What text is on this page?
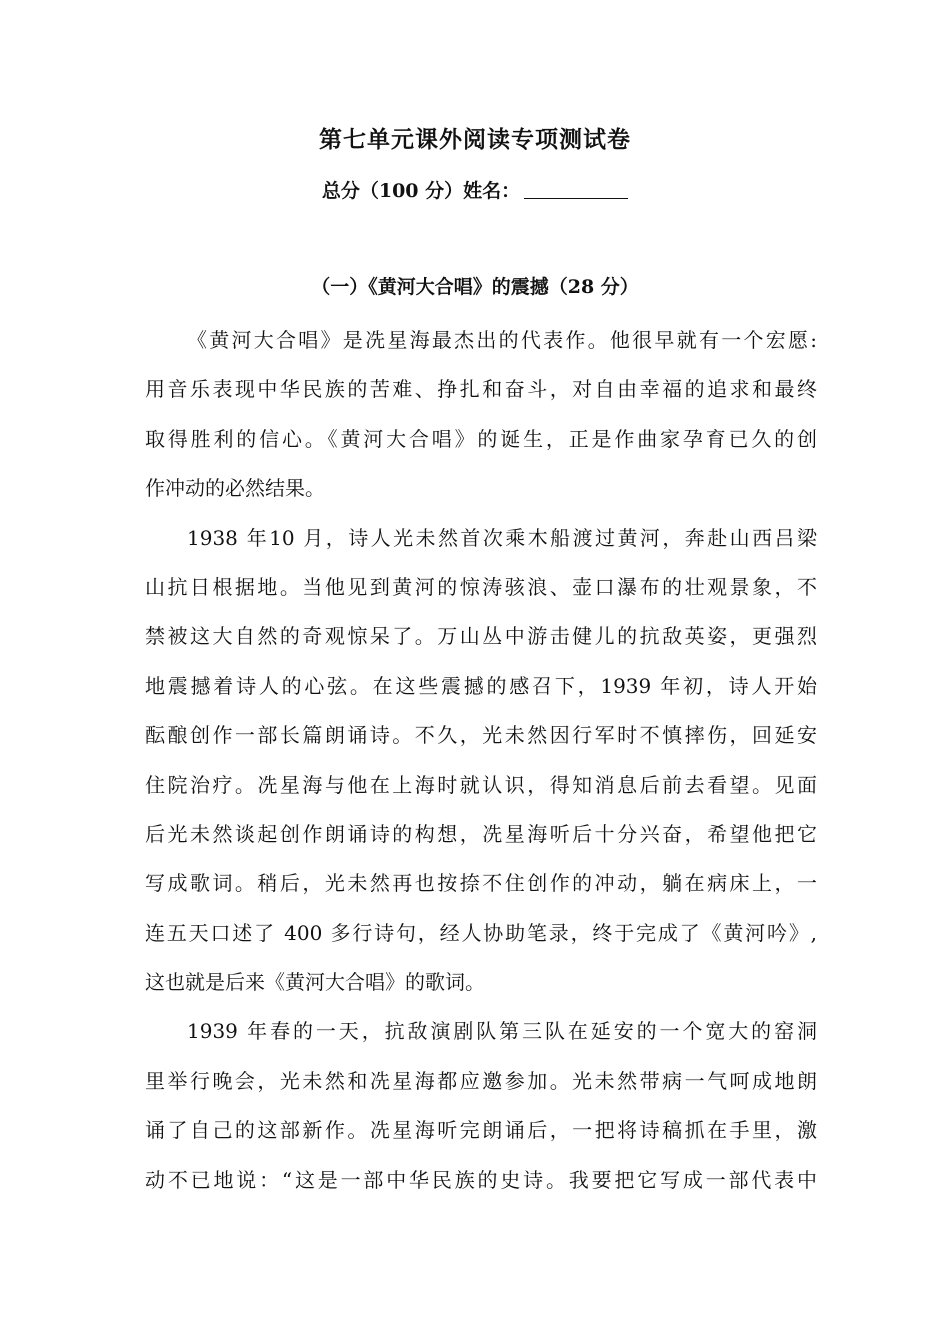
第七单元课外阅读专项测试卷
总分（100 分）姓名：
（一）《黄河大合唱》的震撼（28 分）
《黄河大合唱》是冼星海最杰出的代表作。他很早就有一个宏愿:
用音乐表现中华民族的苦难、挣扎和奋斗，对自由幸福的追求和最终
取得胜利的信心。《黄河大合唱》的诞生，正是作曲家孕育已久的创
作冲动的必然结果。
1938 年10 月，诗人光未然首次乘木船渡过黄河，奔赴山西吕梁
山抗日根据地。当他见到黄河的惊涛骇浪、壶口瀑布的壮观景象，不
禁被这大自然的奇观惊呆了。万山丛中游击健儿的抗敌英姿，更强烈
地震撼着诗人的心弦。在这些震撼的感召下，1939 年初，诗人开始
酝酿创作一部长篇朗诵诗。不久，光未然因行军时不慎摔伤，回延安
住院治疗。冼星海与他在上海时就认识，得知消息后前去看望。见面
后光未然谈起创作朗诵诗的构想，冼星海听后十分兴奋，希望他把它
写成歌词。稍后，光未然再也按捺不住创作的冲动，躺在病床上，一
连五天口述了 400 多行诗句，经人协助笔录，终于完成了《黄河吟》,
这也就是后来《黄河大合唱》的歌词。
1939 年春的一天，抗敌演剧队第三队在延安的一个宽大的窑洞
里举行晚会，光未然和冼星海都应邀参加。光未然带病一气呵成地朗
诵了自己的这部新作。冼星海听完朗诵后，一把将诗稿抓在手里，激
动不已地说：“这是一部中华民族的史诗。我要把它写成一部代表中
